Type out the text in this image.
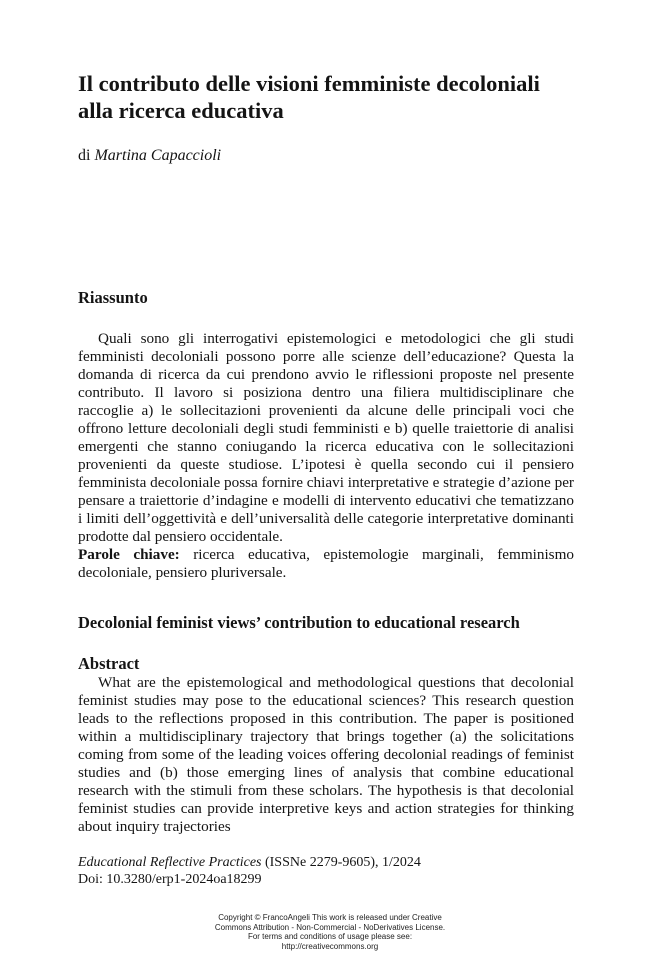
Il contributo delle visioni femministe decoloniali
alla ricerca educativa

di Martina Capaccioli

Riassunto

Quali sono gli interrogativi epistemologici e metodologici che gli studi femministi decoloniali possono porre alle scienze dell’educazione? Questa la domanda di ricerca da cui prendono avvio le riflessioni proposte nel presente contributo. Il lavoro si posiziona dentro una filiera multidisciplinare che raccoglie a) le sollecitazioni provenienti da alcune delle principali voci che offrono letture decoloniali degli studi femministi e b) quelle traiettorie di analisi emergenti che stanno coniugando la ricerca educativa con le sollecitazioni provenienti da queste studiose. L’ipotesi è quella secondo cui il pensiero femminista decoloniale possa fornire chiavi interpretative e strategie d’azione per pensare a traiettorie d’indagine e modelli di intervento educativi che tematizzano i limiti dell’oggettività e dell’universalità delle categorie interpretative dominanti prodotte dal pensiero occidentale.

Parole chiave: ricerca educativa, epistemologie marginali, femminismo decoloniale, pensiero pluriversale.

Decolonial feminist views’ contribution to educational research
Abstract

What are the epistemological and methodological questions that decolonial feminist studies may pose to the educational sciences? This research question leads to the reflections proposed in this contribution. The paper is positioned within a multidisciplinary trajectory that brings together (a) the solicitations coming from some of the leading voices offering decolonial readings of feminist studies and (b) those emerging lines of analysis that combine educational research with the stimuli from these scholars. The hypothesis is that decolonial feminist studies can provide interpretive keys and action strategies for thinking about inquiry trajectories

Educational Reflective Practices (ISSNe 2279-9605), 1/2024
Doi: 10.3280/erp1-2024oa18299

Copyright © FrancoAngeli This work is released under Creative
Commons Attribution - Non-Commercial - NoDerivatives License.
For terms and conditions of usage please see:
http://creativecommons.org
